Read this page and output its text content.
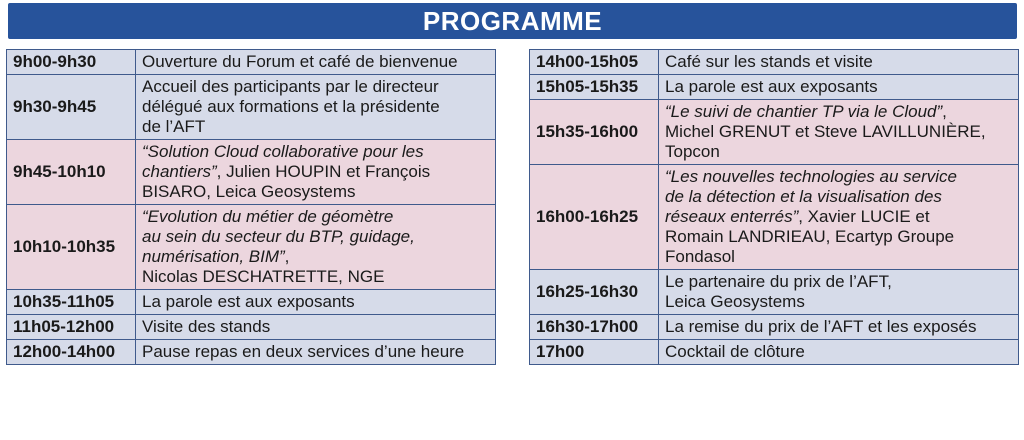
PROGRAMME
9h00-9h30	Ouverture du Forum et café de bienvenue

9h30-9h45	Accueil des participants par le directeur
délégué aux formations et la présidente
de l’AFT

9h45-10h10	“Solution Cloud collaborative pour les
chantiers”, Julien HOUPIN et François
BISARO, Leica Geosystems

10h10-10h35	“Evolution du métier de géomètre
au sein du secteur du BTP, guidage,
numérisation, BIM”,
Nicolas DESCHATRETTE, NGE

10h35-11h05	La parole est aux exposants

11h05-12h00	Visite des stands

12h00-14h00	Pause repas en deux services d’une heure
14h00-15h05	Café sur les stands et visite

15h05-15h35	La parole est aux exposants

15h35-16h00	“Le suivi de chantier TP via le Cloud”,
Michel GRENUT et Steve LAVILLUNIÈRE,
Topcon

16h00-16h25	“Les nouvelles technologies au service
de la détection et la visualisation des
réseaux enterrés”, Xavier LUCIE et
Romain LANDRIEAU, Ecartyp Groupe
Fondasol

16h25-16h30	Le partenaire du prix de l’AFT,
Leica Geosystems

16h30-17h00	La remise du prix de l’AFT et les exposés

17h00	Cocktail de clôture
